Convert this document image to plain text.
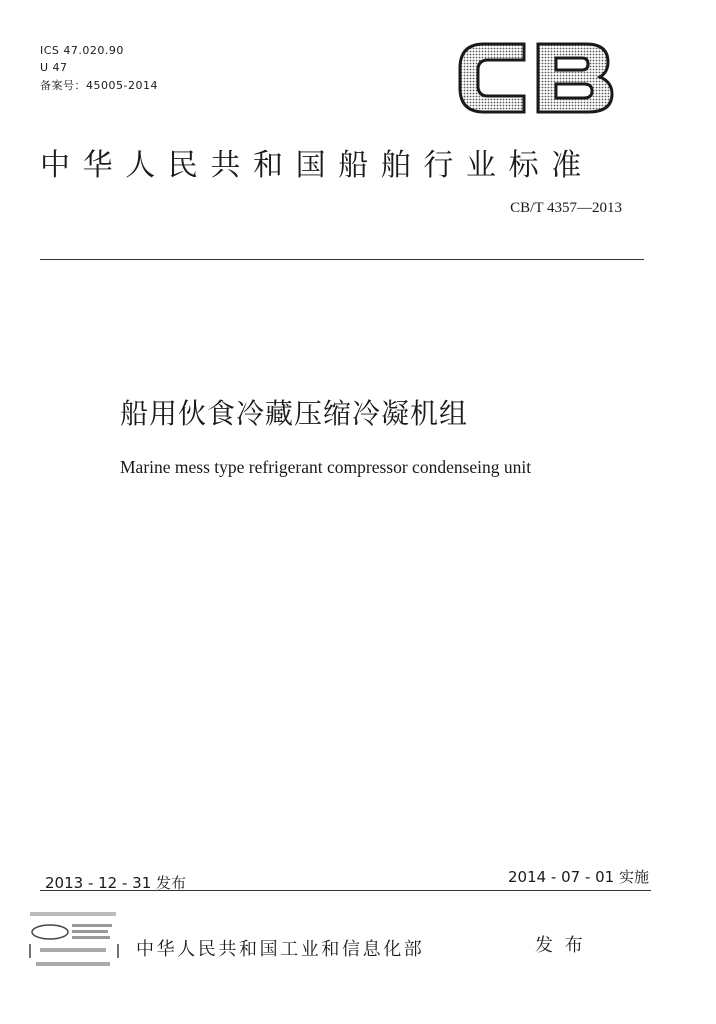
ICS 47.020.90
U 47
备案号：45005-2014
中华人民共和国船舶行业标准
CB/T 4357—2013
船用伙食冷藏压缩冷凝机组
Marine mess type refrigerant compressor condenseing unit
2013 - 12 - 31 发布	2014 - 07 - 01 实施
中华人民共和国工业和信息化部	发 布
